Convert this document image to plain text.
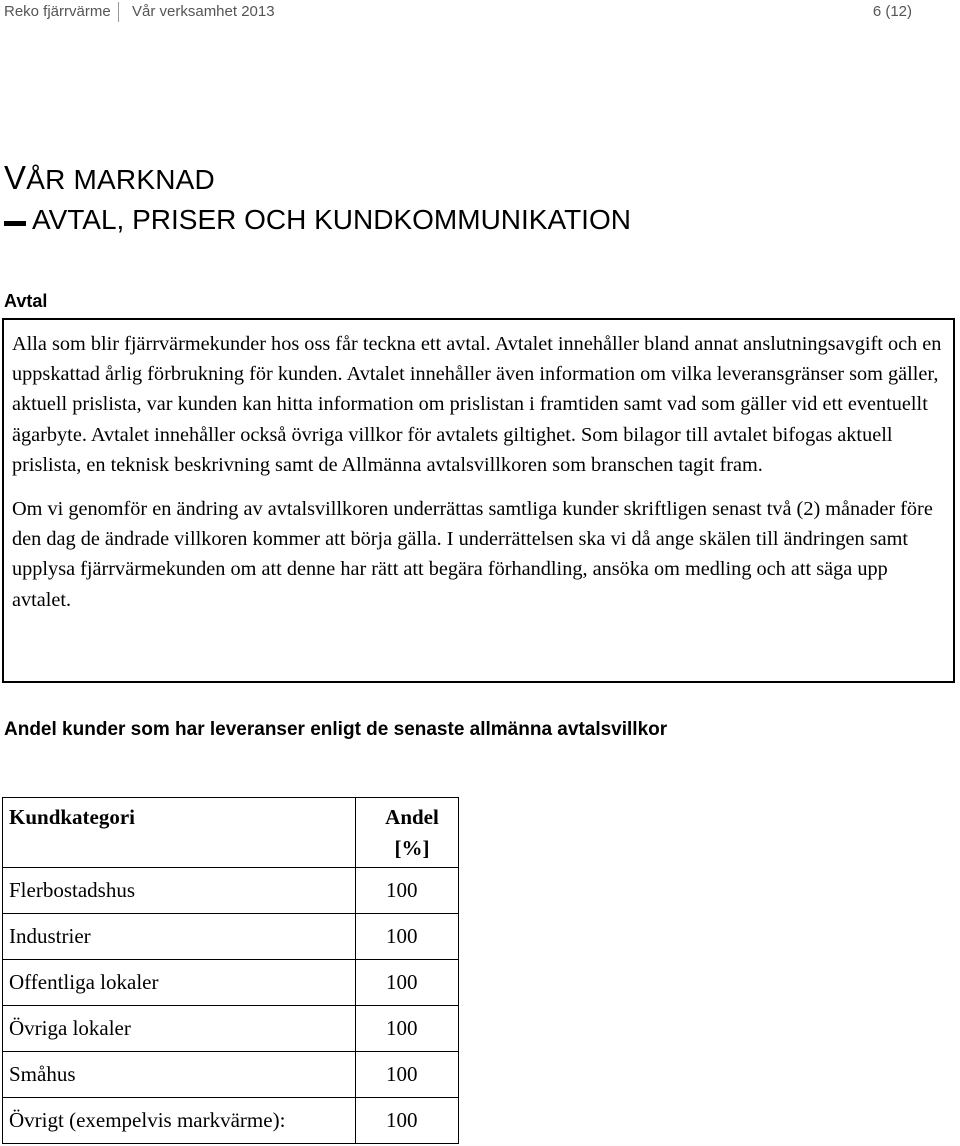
Reko fjärrvärme Vår verksamhet 2013	6 (12)
VÅR MARKNAD
AVTAL, PRISER OCH KUNDKOMMUNIKATION
Avtal

Alla som blir fjärrvärmekunder hos oss får teckna ett avtal. Avtalet innehåller bland annat anslutningsavgift och en uppskattad årlig förbrukning för kunden. Avtalet innehåller även information om vilka leveransgränser som gäller, aktuell prislista, var kunden kan hitta information om prislistan i framtiden samt vad som gäller vid ett eventuellt ägarbyte. Avtalet innehåller också övriga villkor för avtalets giltighet. Som bilagor till avtalet bifogas aktuell prislista, en teknisk beskrivning samt de Allmänna avtalsvillkoren som branschen tagit fram.

Om vi genomför en ändring av avtalsvillkoren underrättas samtliga kunder skriftligen senast två (2) månader före den dag de ändrade villkoren kommer att börja gälla. I underrättelsen ska vi då ange skälen till ändringen samt upplysa fjärrvärmekunden om att denne har rätt att begära förhandling, ansöka om medling och att säga upp avtalet.

Andel kunder som har leveranser enligt de senaste allmänna avtalsvillkor
Kundkategori	Andel [%]
Flerbostadshus	100
Industrier	100
Offentliga lokaler	100
Övriga lokaler	100
Småhus	100
Övrigt (exempelvis markvärme):	100
